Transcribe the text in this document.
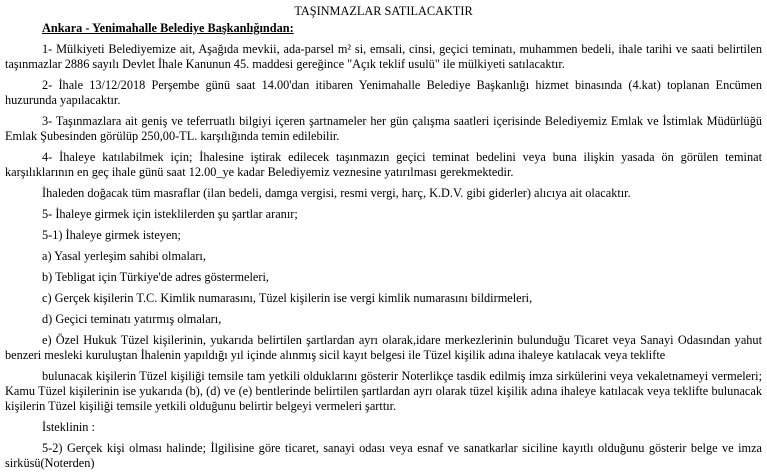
TAŞINMAZLAR SATILACAKTIR
Ankara - Yenimahalle Belediye Başkanlığından:

1- Mülkiyeti Belediyemize ait, Aşağıda mevkii, ada-parsel m² si, emsali, cinsi, geçici teminatı, muhammen bedeli, ihale tarihi ve saati belirtilen taşınmazlar 2886 sayılı Devlet İhale Kanunun 45. maddesi gereğince "Açık teklif usulü" ile mülkiyeti satılacaktır.

2- İhale 13/12/2018 Perşembe günü saat 14.00'dan itibaren Yenimahalle Belediye Başkanlığı hizmet binasında (4.kat) toplanan Encümen huzurunda yapılacaktır.

3- Taşınmazlara ait geniş ve teferruatlı bilgiyi içeren şartnameler her gün çalışma saatleri içerisinde Belediyemiz Emlak ve İstimlak Müdürlüğü Emlak Şubesinden görülüp 250,00-TL. karşılığında temin edilebilir.

4- İhaleye katılabilmek için; İhalesine iştirak edilecek taşınmazın geçici teminat bedelini veya buna ilişkin yasada ön görülen teminat karşılıklarının en geç ihale günü saat 12.00_ye kadar Belediyemiz veznesine yatırılması gerekmektedir.

İhaleden doğacak tüm masraflar (ilan bedeli, damga vergisi, resmi vergi, harç, K.D.V. gibi giderler) alıcıya ait olacaktır.

5- İhaleye girmek için isteklilerden şu şartlar aranır;

5-1) İhaleye girmek isteyen;

a) Yasal yerleşim sahibi olmaları,

b) Tebligat için Türkiye'de adres göstermeleri,

c) Gerçek kişilerin T.C. Kimlik numarasını, Tüzel kişilerin ise vergi kimlik numarasını bildirmeleri,

d) Geçici teminatı yatırmış olmaları,

e) Özel Hukuk Tüzel kişilerinin, yukarıda belirtilen şartlardan ayrı olarak,idare merkezlerinin bulunduğu Ticaret veya Sanayi Odasından yahut benzeri mesleki kuruluştan İhalenin yapıldığı yıl içinde alınmış sicil kayıt belgesi ile Tüzel kişilik adına ihaleye katılacak veya teklifte

bulunacak kişilerin Tüzel kişiliği temsile tam yetkili olduklarını gösterir Noterlikçe tasdik edilmiş imza sirkülerini veya vekaletnameyi vermeleri; Kamu Tüzel kişilerinin ise yukarıda (b), (d) ve (e) bentlerinde belirtilen şartlardan ayrı olarak tüzel kişilik adına ihaleye katılacak veya teklifte bulunacak kişilerin Tüzel kişiliği temsile yetkili olduğunu belirtir belgeyi vermeleri şarttır.

İsteklinin :

5-2) Gerçek kişi olması halinde; İlgilisine göre ticaret, sanayi odası veya esnaf ve sanatkarlar siciline kayıtlı olduğunu gösterir belge ve imza sirküsü(Noterden)
